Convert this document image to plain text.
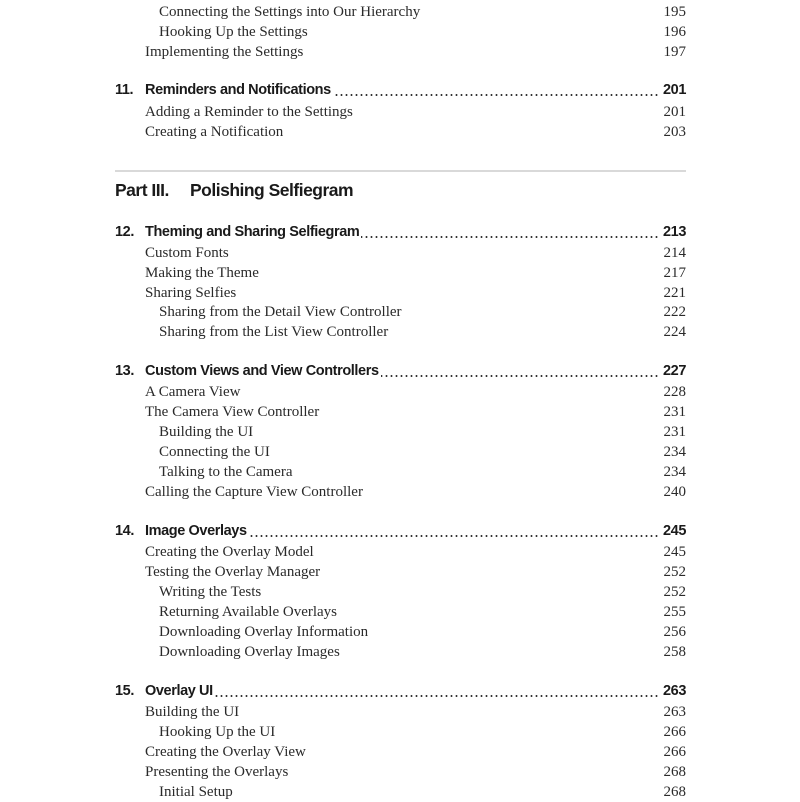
Part III. Polishing Selfiegram
Connecting the Settings into Our Hierarchy	195
Hooking Up the Settings	196
Implementing the Settings	197
11. Reminders and Notifications	201
Adding a Reminder to the Settings	201
Creating a Notification	203
12. Theming and Sharing Selfiegram	213
Custom Fonts	214
Making the Theme	217
Sharing Selfies	221
Sharing from the Detail View Controller	222
Sharing from the List View Controller	224
13. Custom Views and View Controllers	227
A Camera View	228
The Camera View Controller	231
Building the UI	231
Connecting the UI	234
Talking to the Camera	234
Calling the Capture View Controller	240
14. Image Overlays	245
Creating the Overlay Model	245
Testing the Overlay Manager	252
Writing the Tests	252
Returning Available Overlays	255
Downloading Overlay Information	256
Downloading Overlay Images	258
15. Overlay UI	263
Building the UI	263
Hooking Up the UI	266
Creating the Overlay View	266
Presenting the Overlays	268
Initial Setup	268
